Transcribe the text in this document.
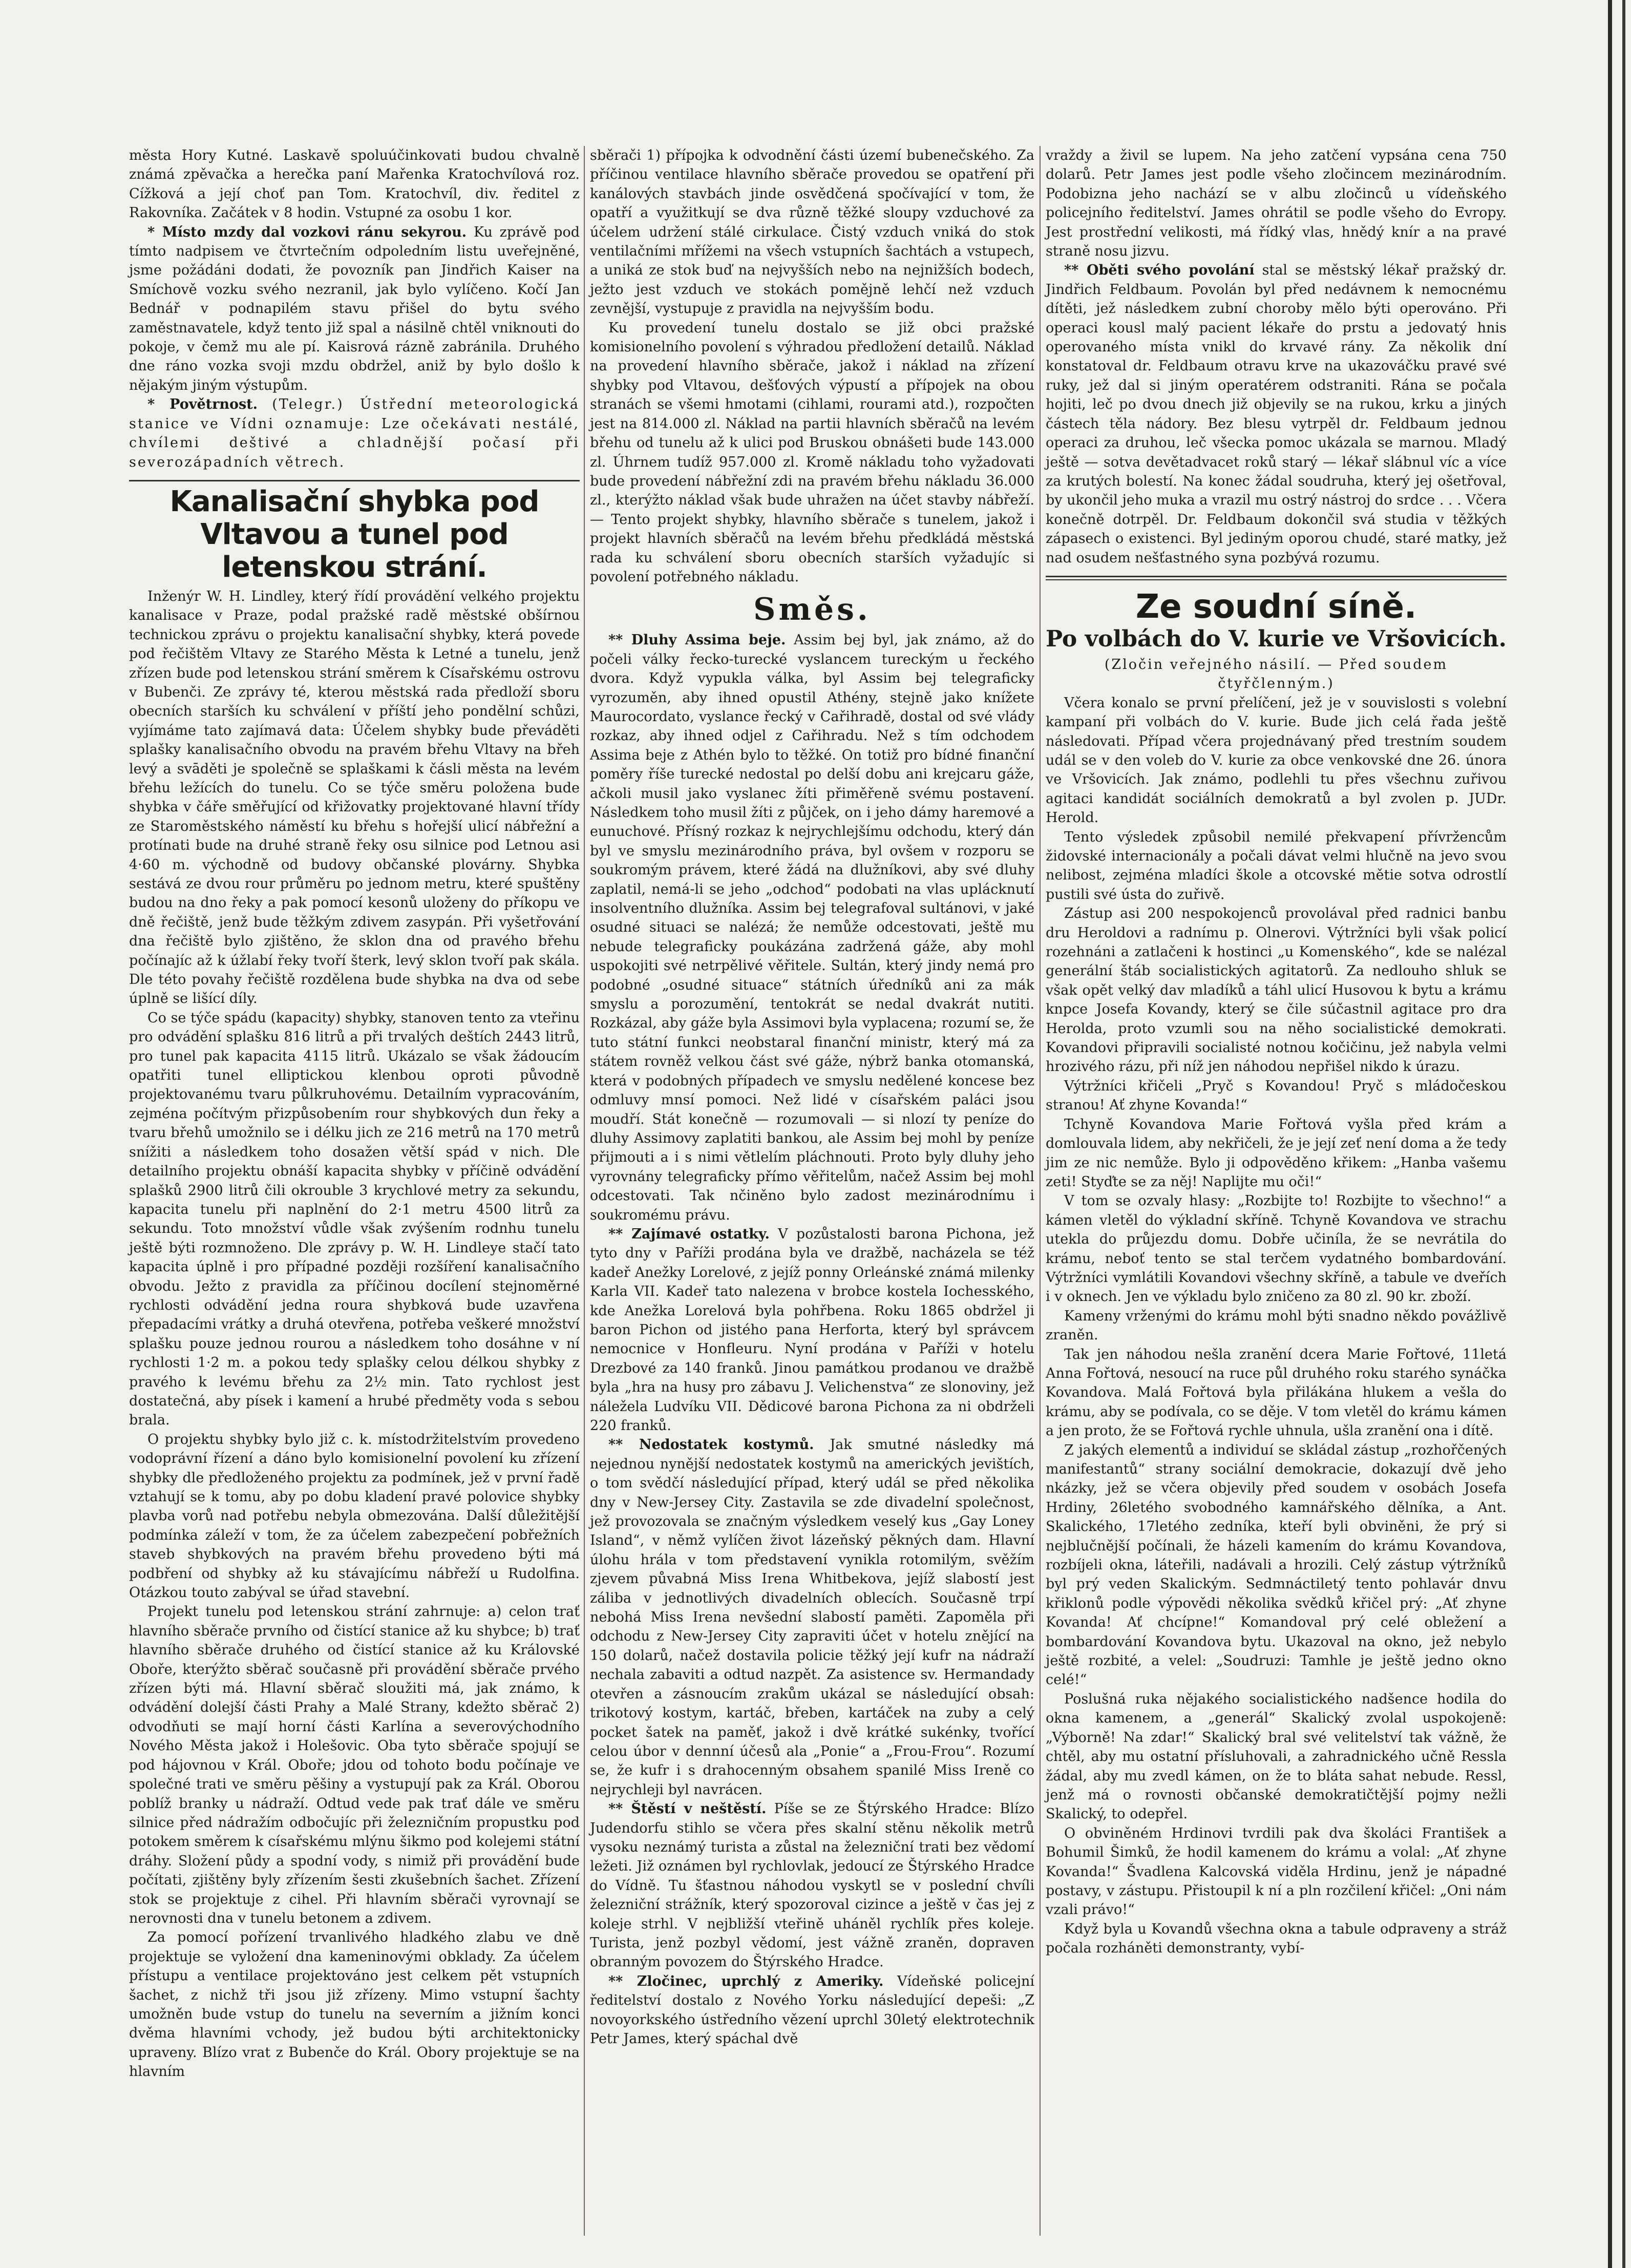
města Hory Kutné. Laskavě spoluúčinkovati budou chvalně známá zpěvačka a herečka paní Mařenka Kratochvílová roz. Cížková a její choť pan Tom. Kratochvíl, div. ředitel z Rakovníka. Začátek v 8 hodin. Vstupné za osobu 1 kor.

* Místo mzdy dal vozkovi ránu sekyrou. Ku zprávě pod tímto nadpisem ve čtvrtečním odpoledním listu uveřejněné, jsme požádáni dodati, že povozník pan Jindřich Kaiser na Smíchově vozku svého nezranil, jak bylo vylíčeno. Kočí Jan Bednář v podnapilém stavu přišel do bytu svého zaměstnavatele, když tento již spal a násilně chtěl vniknouti do pokoje, v čemž mu ale pí. Kaisrová rázně zabránila. Druhého dne ráno vozka svoji mzdu obdržel, aniž by bylo došlo k nějakým jiným výstupům.

* Povětrnost. (Telegr.) Ústřední meteorologická stanice ve Vídni oznamuje: Lze očekávati nestálé, chvílemi deštivé a chladnější počasí při severozápadních větrech.

Kanalisační shybka pod Vltavou a tunel pod letenskou strání.

Inženýr W. H. Lindley, který řídí provádění velkého projektu kanalisace v Praze, podal pražské radě městské obšírnou technickou zprávu o projektu kanalisační shybky, která povede pod řečištěm Vltavy ze Starého Města k Letné a tunelu, jenž zřízen bude pod letenskou strání směrem k Císařskému ostrovu v Bubenči. Ze zprávy té, kterou městská rada předloží sboru obecních starších ku schválení v příští jeho pondělní schůzi, vyjímáme tato zajímavá data: Účelem shybky bude převáděti splašky kanalisačního obvodu na pravém břehu Vltavy na břeh levý a svāděti je společně se splaškami k čásli města na levém břehu ležících do tunelu. Co se týče směru položena bude shybka v čáře směřující od křižovatky projektované hlavní třídy ze Staroměstského náměstí ku břehu s hořejší ulicí nábřežní a protínati bude na druhé straně řeky osu silnice pod Letnou asi 4·60 m. východně od budovy občanské plovárny. Shybka sestává ze dvou rour průměru po jednom metru, které spuštěny budou na dno řeky a pak pomocí kesonů uloženy do příkopu ve dně řečiště, jenž bude těžkým zdivem zasypán. Při vyšetřování dna řečiště bylo zjištěno, že sklon dna od pravého břehu počínajíc až k úžlabí řeky tvoří šterk, levý sklon tvoří pak skála. Dle této povahy řečiště rozdělena bude shybka na dva od sebe úplně se lišící díly.

Co se týče spádu (kapacity) shybky, stanoven tento za vteřinu pro odvádění splašku 816 litrů a při trvalých deštích 2443 litrů, pro tunel pak kapacita 4115 litrů. Ukázalo se však žádoucím opatřiti tunel elliptickou klenbou oproti původně projektovanému tvaru půlkruhovému. Detailním vypracováním, zejména počítvým přizpůsobením rour shybkových dun řeky a tvaru břehů umožnilo se i délku jich ze 216 metrů na 170 metrů snížiti a následkem toho dosažen větší spád v nich. Dle detailního projektu obnáší kapacita shybky v příčině odvádění splašků 2900 litrů čili okrouble 3 krychlové metry za sekundu, kapacita tunelu při naplnění do 2·1 metru 4500 litrů za sekundu. Toto množství vůdle však zvýšením rodnhu tunelu ještě býti rozmnoženo. Dle zprávy p. W. H. Lindleye stačí tato kapacita úplně i pro případné později rozšíření kanalisačního obvodu. Ježto z pravidla za příčinou docílení stejnoměrné rychlosti odvádění jedna roura shybková bude uzavřena přepadacími vrátky a druhá otevřena, potřeba veškeré množství splašku pouze jednou rourou a následkem toho dosáhne v ní rychlosti 1·2 m. a pokou tedy splašky celou délkou shybky z pravého k levému břehu za 2½ min. Tato rychlost jest dostatečná, aby písek i kamení a hrubé předměty voda s sebou brala.

O projektu shybky bylo již c. k. místodržitelstvím provedeno vodoprávní řízení a dáno bylo komisionelní povolení ku zřízení shybky dle předloženého projektu za podmínek, jež v první řadě vztahují se k tomu, aby po dobu kladení pravé polovice shybky plavba vorů nad potřebu nebyla obmezována. Další důležitější podmínka záleží v tom, že za účelem zabezpečení pobřežních staveb shybkových na pravém břehu provedeno býti má podbření od shybky až ku stávajícímu nábřeží u Rudolfina. Otázkou touto zabýval se úřad stavební.

Projekt tunelu pod letenskou strání zahrnuje: a) celon trať hlavního sběrače prvního od čistící stanice až ku shybce; b) trať hlavního sběrače druhého od čistící stanice až ku Královské Oboře, kterýžto sběrač současně při provádění sběrače prvého zřízen býti má. Hlavní sběrač sloužiti má, jak známo, k odvádění dolejší části Prahy a Malé Strany, kdežto sběrač 2) odvodňuti se mají horní části Karlína a severovýchodního Nového Města jakož i Holešovic. Oba tyto sběrače spojují se pod hájovnou v Král. Oboře; jdou od tohoto bodu počínaje ve společné trati ve směru pěšiny a vystupují pak za Král. Oborou poblíž branky u nádraží. Odtud vede pak trať dále ve směru silnice před nádražím odbočujíc při železničním propustku pod potokem směrem k císařskému mlýnu šikmo pod kolejemi státní dráhy. Složení půdy a spodní vody, s nimiž při provádění bude počítati, zjištěny byly zřízením šesti zkušebních šachet. Zřízení stok se projektuje z cihel. Při hlavním sběrači vyrovnají se nerovnosti dna v tunelu betonem a zdivem.

Za pomocí pořízení trvanlivého hladkého zlabu ve dně projektuje se vyložení dna kameninovými obklady. Za účelem přístupu a ventilace projektováno jest celkem pět vstupních šachet, z nichž tři jsou již zřízeny. Mimo vstupní šachty umožněn bude vstup do tunelu na severním a jižním konci dvěma hlavními vchody, jež budou býti architektonicky upraveny. Blízo vrat z Bubenče do Král. Obory projektuje se na hlavním

sběrači 1) přípojka k odvodnění části území bubenečského. Za příčinou ventilace hlavního sběrače provedou se opatření při kanálových stavbách jinde osvědčená spočívající v tom, že opatří a využitkují se dva různě těžké sloupy vzduchové za účelem udržení stálé cirkulace. Čistý vzduch vniká do stok ventilačními mřížemi na všech vstupních šachtách a vstupech, a uniká ze stok buď na nejvyšších nebo na nejnižších bodech, ježto jest vzduch ve stokách pomějně lehčí než vzduch zevnější, vystupuje z pravidla na nejvyšším bodu.

Ku provedení tunelu dostalo se již obci pražské komisionelního povolení s výhradou předložení detailů. Náklad na provedení hlavního sběrače, jakož i náklad na zřízení shybky pod Vltavou, dešťových výpustí a přípojek na obou stranách se všemi hmotami (cihlami, rourami atd.), rozpočten jest na 814.000 zl. Náklad na partii hlavních sběračů na levém břehu od tunelu až k ulici pod Bruskou obnášeti bude 143.000 zl. Úhrnem tudíž 957.000 zl. Kromě nákladu toho vyžadovati bude provedení nábřežní zdi na pravém břehu nákladu 36.000 zl., kterýžto náklad však bude uhražen na účet stavby nábřeží. — Tento projekt shybky, hlavního sběrače s tunelem, jakož i projekt hlavních sběračů na levém břehu předkládá městská rada ku schválení sboru obecních starších vyžadujíc si povolení potřebného nákladu.

Směs.

** Dluhy Assima beje. Assim bej byl, jak známo, až do počeli války řecko-turecké vyslancem tureckým u řeckého dvora. Když vypukla válka, byl Assim bej telegraficky vyrozuměn, aby ihned opustil Athény, stejně jako knížete Maurocordato, vyslance řecký v Cařihradě, dostal od své vlády rozkaz, aby ihned odjel z Cařihradu. Než s tím odchodem Assima beje z Athén bylo to těžké. On totiž pro bídné finanční poměry říše turecké nedostal po delší dobu ani krejcaru gáže, ačkoli musil jako vyslanec žíti přiměřeně svému postavení. Následkem toho musil žíti z půjček, on i jeho dámy haremové a eunuchové. Přísný rozkaz k nejrychlejšímu odchodu, který dán byl ve smyslu mezinárodního práva, byl ovšem v rozporu se soukromým právem, které žádá na dlužníkovi, aby své dluhy zaplatil, nemá-li se jeho „odchod“ podobati na vlas uplácknutí insolventního dlužníka. Assim bej telegrafoval sultánovi, v jaké osudné situaci se nalézá; že nemůže odcestovati, ještě mu nebude telegraficky poukázána zadržená gáže, aby mohl uspokojiti své netrpělivé věřitele. Sultán, který jindy nemá pro podobné „osudné situace“ státních úředníků ani za mák smyslu a porozumění, tentokrát se nedal dvakrát nutiti. Rozkázal, aby gáže byla Assimovi byla vyplacena; rozumí se, že tuto státní funkci neobstaral finanční ministr, který má za státem rovněž velkou část své gáže, nýbrž banka otomanská, která v podobných případech ve smyslu nedělené koncese bez odmluvy mnsí pomoci. Než lidé v císařském paláci jsou moudří. Stát konečně — rozumovali — si nlozí ty peníze do dluhy Assimovy zaplatiti bankou, ale Assim bej mohl by peníze přijmouti a i s nimi větlelím pláchnouti. Proto byly dluhy jeho vyrovnány telegraficky přímo věřitelům, načež Assim bej mohl odcestovati. Tak nčiněno bylo zadost mezinárodnímu i soukromému právu.

** Zajímavé ostatky. V pozůstalosti barona Pichona, jež tyto dny v Paříži prodána byla ve dražbě, nacházela se též kadeř Anežky Lorelové, z jejíž ponny Orleánské známá milenky Karla VII. Kadeř tato nalezena v brobce kostela Iochesského, kde Anežka Lorelová byla pohřbena. Roku 1865 obdržel ji baron Pichon od jistého pana Herforta, který byl správcem nemocnice v Honfleuru. Nyní prodána v Paříži v hotelu Drezbové za 140 franků. Jinou památkou prodanou ve dražbě byla „hra na husy pro zábavu J. Velichenstva“ ze slonoviny, jež náležela Ludvíku VII. Dědicové barona Pichona za ni obdrželi 220 franků.

** Nedostatek kostymů. Jak smutné následky má nejednou nynější nedostatek kostymů na amerických jevištích, o tom svědčí následující případ, který udál se před několika dny v New-Jersey City. Zastavila se zde divadelní společnost, jež provozovala se značným výsledkem veselý kus „Gay Loney Island“, v němž vylíčen život lázeňský pěkných dam. Hlavní úlohu hrála v tom představení vynikla rotomilým, svěžím zjevem půvabná Miss Irena Whitbekova, jejíž slabostí jest záliba v jednotlivých divadelních oblecích. Současně trpí nebohá Miss Irena nevšední slabostí paměti. Zapoměla při odchodu z New-Jersey City zapraviti účet v hotelu znějící na 150 dolarů, načež dostavila policie těžký její kufr na nádraží nechala zabaviti a odtud nazpět. Za asistence sv. Hermandady otevřen a zásnoucím zrakům ukázal se následující obsah: trikotový kostym, kartáč, břeben, kartáček na zuby a celý pocket šatek na paměť, jakož i dvě krátké sukénky, tvořící celou úbor v dennní účesů ala „Ponie“ a „Frou-Frou“. Rozumí se, že kufr i s drahocenným obsahem spanilé Miss Ireně co nejrychleji byl navrácen.

** Štěstí v neštěstí. Píše se ze Štýrského Hradce: Blízo Judendorfu stihlo se včera přes skalní stěnu několik metrů vysoku neznámý turista a zůstal na železniční trati bez vědomí ležeti. Již oznámen byl rychlovlak, jedoucí ze Štýrského Hradce do Vídně. Tu šťastnou náhodou vyskytl se v poslední chvíli železniční strážník, který spozoroval cizince a ještě v čas jej z koleje strhl. V nejbližší vteřině uháněl rychlík přes koleje. Turista, jenž pozbyl vědomí, jest vážně zraněn, dopraven obranným povozem do Štýrského Hradce.

** Zločinec, uprchlý z Ameriky. Vídeňské policejní ředitelství dostalo z Nového Yorku následující depeši: „Z novoyorkského ústředního vězení uprchl 30letý elektrotechnik Petr James, který spáchal dvě

vraždy a živil se lupem. Na jeho zatčení vypsána cena 750 dolarů. Petr James jest podle všeho zločincem mezinárodním. Podobizna jeho nachází se v albu zločinců u vídeňského policejního ředitelství. James ohrátil se podle všeho do Evropy. Jest prostřední velikosti, má řídký vlas, hnědý knír a na pravé straně nosu jizvu.

** Oběti svého povolání stal se městský lékař pražský dr. Jindřich Feldbaum. Povolán byl před nedávnem k nemocnému dítěti, jež následkem zubní choroby mělo býti operováno. Při operaci kousl malý pacient lékaře do prstu a jedovatý hnis operovaného místa vnikl do krvavé rány. Za několik dní konstatoval dr. Feldbaum otravu krve na ukazováčku pravé své ruky, jež dal si jiným operatérem odstraniti. Rána se počala hojiti, leč po dvou dnech již objevily se na rukou, krku a jiných částech těla nádory. Bez blesu vytrpěl dr. Feldbaum jednou operaci za druhou, leč všecka pomoc ukázala se marnou. Mladý ještě — sotva devětadvacet roků starý — lékař slábnul víc a více za krutých bolestí. Na konec žádal soudruha, který jej ošetřoval, by ukončil jeho muka a vrazil mu ostrý nástroj do srdce . . . Včera konečně dotrpěl. Dr. Feldbaum dokončil svá studia v těžkých zápasech o existenci. Byl jediným oporou chudé, staré matky, jež nad osudem nešťastného syna pozbývá rozumu.

Ze soudní síně.
Po volbách do V. kurie ve Vršovicích.

(Zločin veřejného násilí. — Před soudem čtyřčlenným.)

Včera konalo se první přelíčení, jež je v souvislosti s volební kampaní při volbách do V. kurie. Bude jich celá řada ještě následovati. Případ včera projednávaný před trestním soudem udál se v den voleb do V. kurie za obce venkovské dne 26. února ve Vršovicích. Jak známo, podlehli tu přes všechnu zuřivou agitaci kandidát sociálních demokratů a byl zvolen p. JUDr. Herold.

Tento výsledek způsobil nemilé překvapení přívržencům židovské internacionály a počali dávat velmi hlučně na jevo svou nelibost, zejména mladíci škole a otcovské mětie sotva odrostlí pustili své ústa do zuřivě.

Zástup asi 200 nespokojenců provolával před radnici banbu dru Heroldovi a radnímu p. Olnerovi. Výtržníci byli však policí rozehnáni a zatlačeni k hostinci „u Komenského“, kde se nalézal generální štáb socialistických agitatorů. Za nedlouho shluk se však opět velký dav mladíků a táhl ulicí Husovou k bytu a krámu knpce Josefa Kovandy, který se čile súčastnil agitace pro dra Herolda, proto vzumli sou na něho socialistické demokrati. Kovandovi připravili socialisté notnou kočičinu, jež nabyla velmi hrozivého rázu, při níž jen náhodou nepřišel nikdo k úrazu.

Výtržníci křičeli „Pryč s Kovandou! Pryč s mládočeskou stranou! Ať zhyne Kovanda!“

Tchyně Kovandova Marie Fořtová vyšla před krám a domlouvala lidem, aby nekřičeli, že je její zeť není doma a že tedy jim ze nic nemůže. Bylo ji odpověděno křikem: „Hanba vašemu zeti! Styďte se za něj! Naplijte mu oči!“

V tom se ozvaly hlasy: „Rozbijte to! Rozbijte to všechno!“ a kámen vletěl do výkladní skříně. Tchyně Kovandova ve strachu utekla do průjezdu domu. Dobře učiníla, že se nevrátila do krámu, neboť tento se stal terčem vydatného bombardování. Výtržníci vymlátili Kovandovi všechny skříně, a tabule ve dveřích i v oknech. Jen ve výkladu bylo zničeno za 80 zl. 90 kr. zboží.

Kameny vrženými do krámu mohl býti snadno někdo povážlivě zraněn.

Tak jen náhodou nešla zranění dcera Marie Fořtové, 11letá Anna Fořtová, nesoucí na ruce půl druhého roku starého synáčka Kovandova. Malá Fořtová byla přilákána hlukem a vešla do krámu, aby se podívala, co se děje. V tom vletěl do krámu kámen a jen proto, že se Fořtová rychle uhnula, ušla zranění ona i dítě.

Z jakých elementů a individuí se skládal zástup „rozhořčených manifestantů“ strany sociální demokracie, dokazují dvě jeho nkázky, jež se včera objevily před soudem v osobách Josefa Hrdiny, 26letého svobodného kamnářského dělníka, a Ant. Skalického, 17letého zedníka, kteří byli obviněni, že prý si nejblučnější počínali, že házeli kamením do krámu Kovandova, rozbíjeli okna, láteřili, nadávali a hrozili. Celý zástup výtržníků byl prý veden Skalickým. Sedmnáctiletý tento pohlavár dnvu křiklonů podle výpovědi několika svědků křičel prý: „Ať zhyne Kovanda! Ať chcípne!“ Komandoval prý celé obležení a bombardování Kovandova bytu. Ukazoval na okno, jež nebylo ještě rozbité, a velel: „Soudruzi: Tamhle je ještě jedno okno celé!“

Poslušná ruka nějakého socialistického nadšence hodila do okna kamenem, a „generál“ Skalický zvolal uspokojeně: „Výborně! Na zdar!“ Skalický bral své velitelství tak vážně, že chtěl, aby mu ostatní přísluhovali, a zahradnického učně Ressla žádal, aby mu zvedl kámen, on že to bláta sahat nebude. Ressl, jenž má o rovnosti občanské demokratičtější pojmy nežli Skalický, to odepřel.

O obviněném Hrdinovi tvrdili pak dva školáci František a Bohumil Šimků, že hodil kamenem do krámu a volal: „Ať zhyne Kovanda!“ Švadlena Kalcovská viděla Hrdinu, jenž je nápadné postavy, v zástupu. Přistoupil k ní a pln rozčilení křičel: „Oni nám vzali právo!“

Když byla u Kovandů všechna okna a tabule odpraveny a stráž počala rozháněti demonstranty, vybí-
